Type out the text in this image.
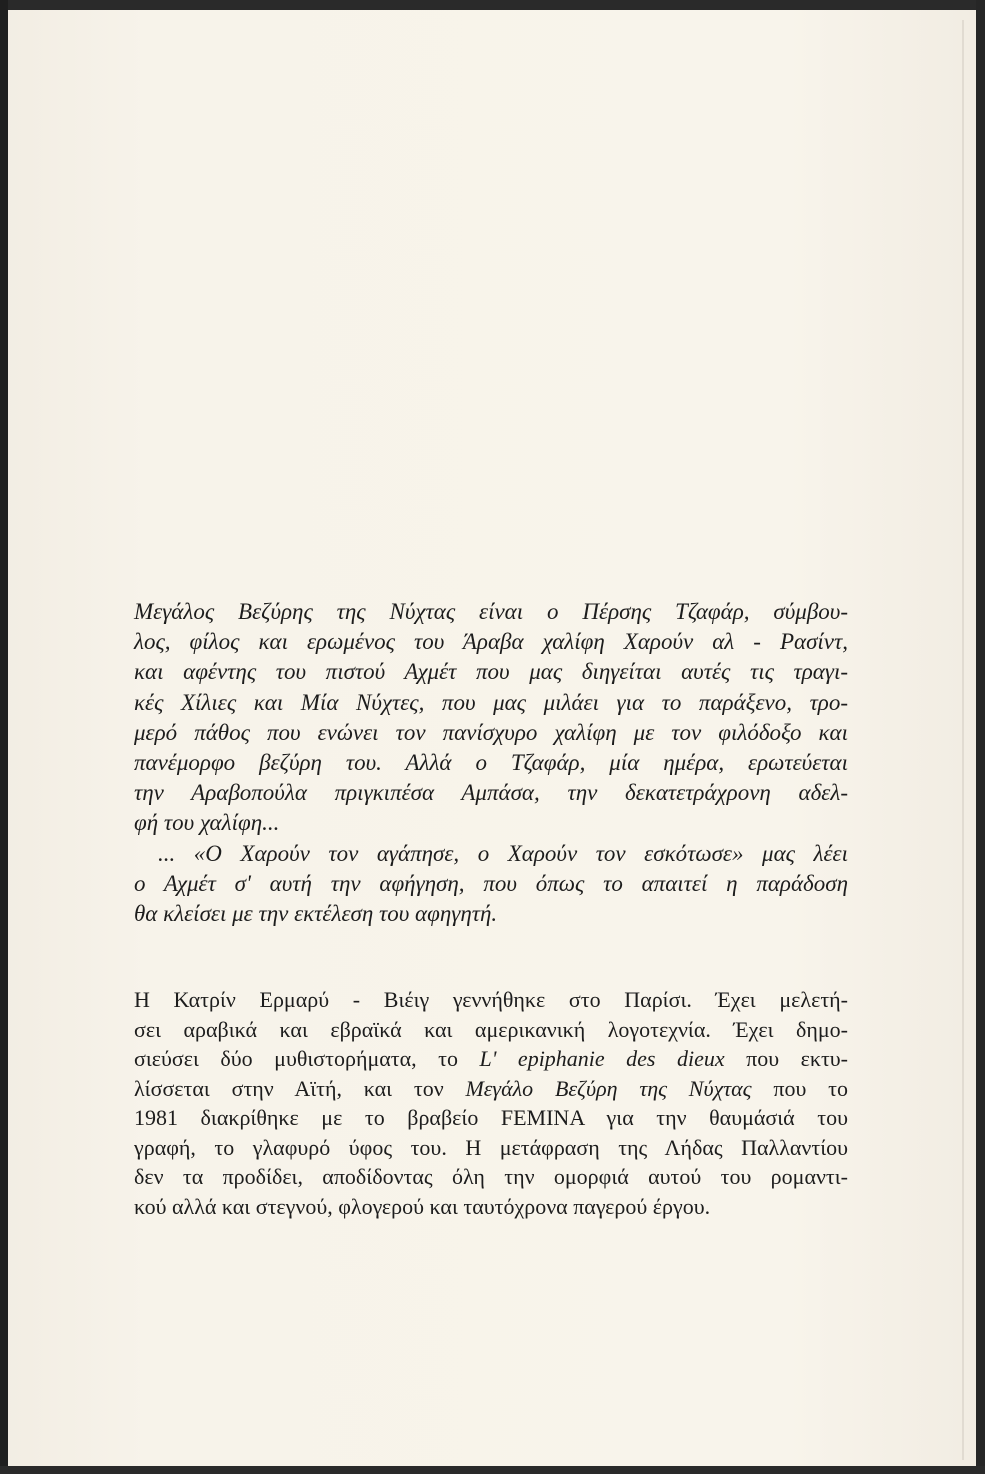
Μεγάλος Βεζύρης της Νύχτας είναι ο Πέρσης Τζαφάρ, σύμβου-
λος, φίλος και ερωμένος του Άραβα χαλίφη Χαρούν αλ - Ρασίντ,
και αφέντης του πιστού Αχμέτ που μας διηγείται αυτές τις τραγι-
κές Χίλιες και Μία Νύχτες, που μας μιλάει για το παράξενο, τρο-
μερό πάθος που ενώνει τον πανίσχυρο χαλίφη με τον φιλόδοξο και
πανέμορφο βεζύρη του. Αλλά ο Τζαφάρ, μία ημέρα, ερωτεύεται
την Αραβοπούλα πριγκιπέσα Αμπάσα, την δεκατετράχρονη αδελ-
φή του χαλίφη...
... «Ο Χαρούν τον αγάπησε, ο Χαρούν τον εσκότωσε» μας λέει
ο Αχμέτ σ' αυτή την αφήγηση, που όπως το απαιτεί η παράδοση
θα κλείσει με την εκτέλεση του αφηγητή.
Η Κατρίν Ερμαρύ - Βιέιγ γεννήθηκε στο Παρίσι. Έχει μελετή-
σει αραβικά και εβραϊκά και αμερικανική λογοτεχνία. Έχει δημο-
σιεύσει δύο μυθιστορήματα, το L' epiphanie des dieux που εκτυ-
λίσσεται στην Αϊτή, και τον Μεγάλο Βεζύρη της Νύχτας που το
1981 διακρίθηκε με το βραβείο FEMINA για την θαυμάσιά του
γραφή, το γλαφυρό ύφος του. Η μετάφραση της Λήδας Παλλαντίου
δεν τα προδίδει, αποδίδοντας όλη την ομορφιά αυτού του ρομαντι-
κού αλλά και στεγνού, φλογερού και ταυτόχρονα παγερού έργου.
